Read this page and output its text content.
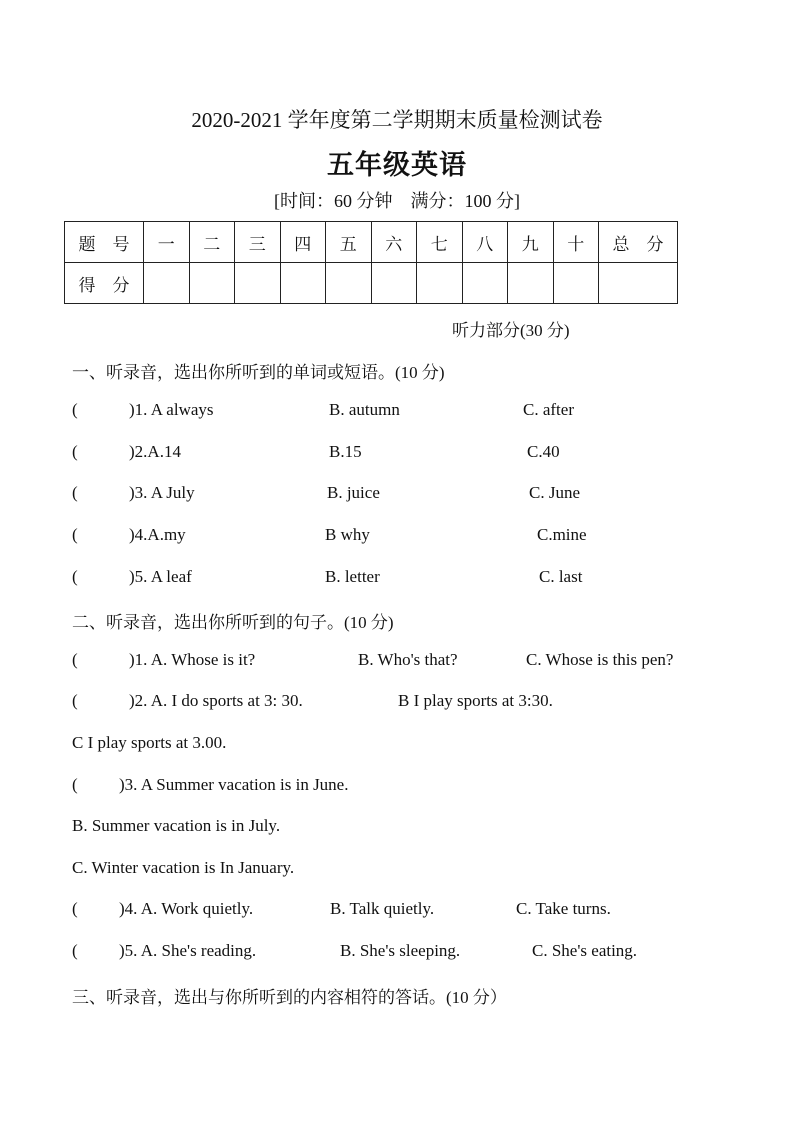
2020-2021 学年度第二学期期末质量检测试卷
五年级英语
[时间：60 分钟　满分：100 分]
题　号	一	二	三	四	五	六	七	八	九	十	总　分
得　分											
听力部分(30 分)
一、听录音，选出你所听到的单词或短语。(10 分)
(	)1. A always	B. autumn	C. after
(	)2.A.14	B.15	C.40
(	)3. A July	B. juice	C. June
(	)4.A.my	B why	C.mine
(	)5. A leaf	B. letter	C. last
二、听录音，选出你所听到的句子。(10 分)
(	)1. A. Whose is it?	B. Who's that?	C. Whose is this pen?
(	)2. A. I do sports at 3: 30.	B I play sports at 3:30.
C I play sports at 3.00.
( )3. A Summer vacation is in June.
B. Summer vacation is in July.
C. Winter vacation is In January.
( )4. A. Work quietly.	B. Talk quietly.	C. Take turns.
( )5. A. She's reading.	B. She's sleeping.	C. She's eating.
三、听录音，选出与你所听到的内容相符的答话。(10 分）
